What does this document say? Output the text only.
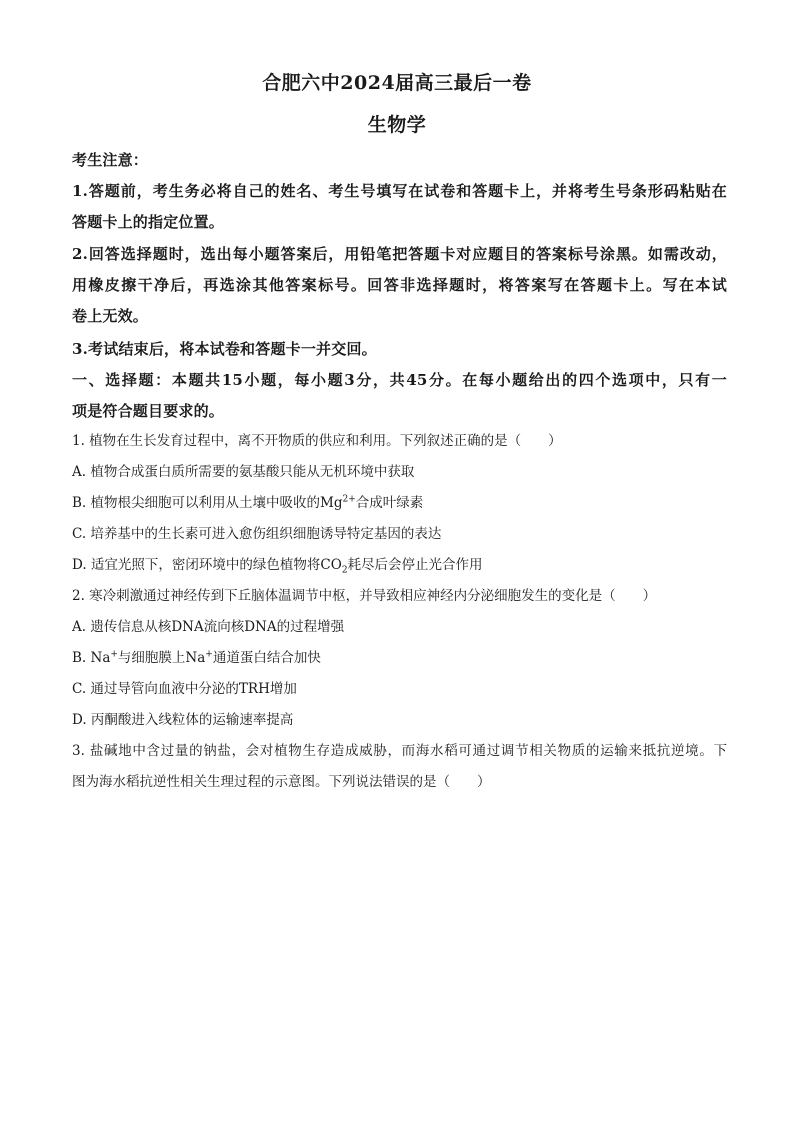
合肥六中2024届高三最后一卷
生物学
考生注意：
1.答题前，考生务必将自己的姓名、考生号填写在试卷和答题卡上，并将考生号条形码粘贴在
答题卡上的指定位置。
2.回答选择题时，选出每小题答案后，用铅笔把答题卡对应题目的答案标号涂黑。如需改动，
用橡皮擦干净后，再选涂其他答案标号。回答非选择题时，将答案写在答题卡上。写在本试
卷上无效。
3.考试结束后，将本试卷和答题卡一并交回。
一、选择题：本题共15小题，每小题3分，共45分。在每小题给出的四个选项中，只有一
项是符合题目要求的。
1. 植物在生长发育过程中，离不开物质的供应和利用。下列叙述正确的是（　　）
A. 植物合成蛋白质所需要的氨基酸只能从无机环境中获取
B. 植物根尖细胞可以利用从土壤中吸收的$Mg^{2+}$合成叶绿素
C. 培养基中的生长素可进入愈伤组织细胞诱导特定基因的表达
D. 适宜光照下，密闭环境中的绿色植物将$CO_2$耗尽后会停止光合作用
2. 寒冷刺激通过神经传到下丘脑体温调节中枢，并导致相应神经内分泌细胞发生的变化是（　　）
A. 遗传信息从核DNA流向核DNA的过程增强
B. Na+与细胞膜上Na+通道蛋白结合加快
C. 通过导管向血液中分泌的TRH增加
D. 丙酮酸进入线粒体的运输速率提高
3. 盐碱地中含过量的钠盐，会对植物生存造成威胁，而海水稻可通过调节相关物质的运输来抵抗逆境。下
图为海水稻抗逆性相关生理过程的示意图。下列说法错误的是（　　）
